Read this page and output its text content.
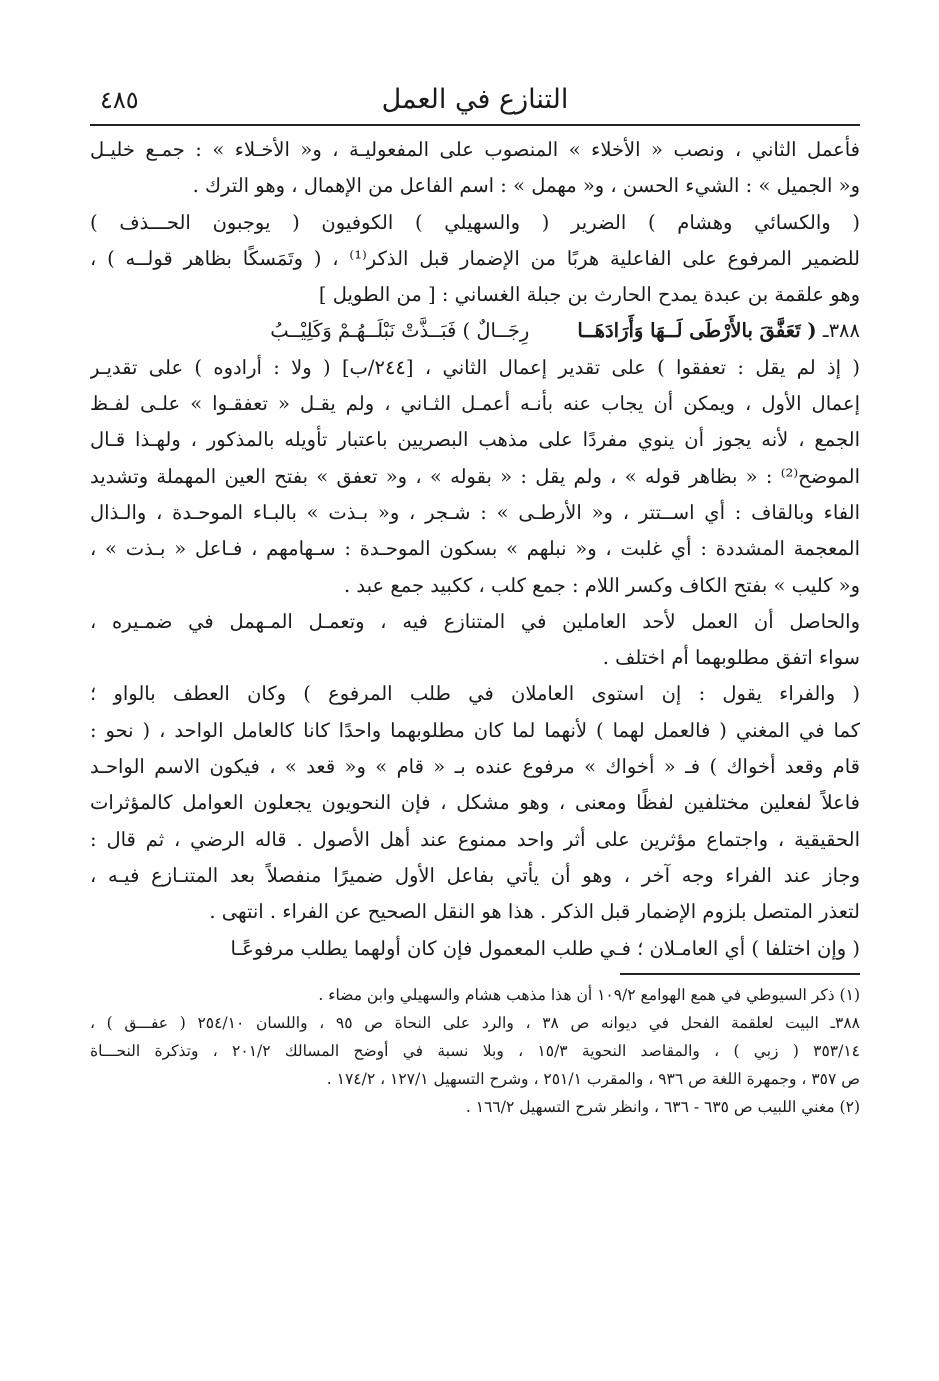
التنازع في العمل
٤٨٥
فأعمل الثاني ، ونصب « الأخلاء » المنصوب على المفعوليـة ، و« الأخـلاء » : جمـع خليـل
و« الجميل » : الشيء الحسن ، و« مهمل » : اسم الفاعل من الإهمال ، وهو الترك .
( والكسائي وهشام ) الضرير ( والسهيلي ) الكوفيون ( يوجبون الحـــذف )
للضمير المرفوع على الفاعلية هربًا من الإضمار قبل الذكر⁽¹⁾ ، ( وتَمَسكًا بظاهر قولــه ) ،
وهو علقمة بن عبدة يمدح الحارث بن جبلة الغساني : [ من الطويل ]
٣٨٨ـ ( تَعَفَّقَ بالأَرْطَى لَــهَا وَأَرَادَهَــارِجَــالٌ ) فَبَــذَّتْ نَبْلَــهُـمْ وَكَلِيْــبُ
( إذ لم يقل : تعفقوا ) على تقدير إعمال الثاني ، [٢٤٤/ب] ( ولا : أرادوه ) على تقديـر
إعمال الأول ، ويمكن أن يجاب عنه بأنـه أعمـل الثـاني ، ولم يقـل « تعفقـوا » علـى لفـظ
الجمع ، لأنه يجوز أن ينوي مفردًا على مذهب البصريين باعتبار تأويله بالمذكور ، ولهـذا قـال
الموضح⁽²⁾ : « بظاهر قوله » ، ولم يقل : « بقوله » ، و« تعفق » بفتح العين المهملة وتشديد
الفاء وبالقاف : أي اســتتر ، و« الأرطـى » : شـجر ، و« بـذت » بالبـاء الموحـدة ، والـذال
المعجمة المشددة : أي غلبت ، و« نبلهم » بسكون الموحـدة : سـهامهم ، فـاعل « بـذت » ،
و« كليب » بفتح الكاف وكسر اللام : جمع كلب ، ككبيد جمع عبد .
والحاصل أن العمل لأحد العاملين في المتنازع فيه ، وتعمـل المـهمل في ضمـيره ،
سواء اتفق مطلوبهما أم اختلف .
( والفراء يقول : إن استوى العاملان في طلب المرفوع ) وكان العطف بالواو ؛
كما في المغني ( فالعمل لهما ) لأنهما لما كان مطلوبهما واحدًا كانا كالعامل الواحد ، ( نحو :
قام وقعد أخواك ) فـ « أخواك » مرفوع عنده بـ « قام » و« قعد » ، فيكون الاسم الواحـد
فاعلاً لفعلين مختلفين لفظًا ومعنى ، وهو مشكل ، فإن النحويون يجعلون العوامل كالمؤثرات
الحقيقية ، واجتماع مؤثرين على أثر واحد ممنوع عند أهل الأصول . قاله الرضي ، ثم قال :
وجاز عند الفراء وجه آخر ، وهو أن يأتي بفاعل الأول ضميرًا منفصلاً بعد المتنـازع فيـه ،
لتعذر المتصل بلزوم الإضمار قبل الذكر . هذا هو النقل الصحيح عن الفراء . انتهى .
( وإن اختلفا ) أي العامـلان ؛ فـي طلب المعمول فإن كان أولهما يطلب مرفوعًـا
(١) ذكر السيوطي في همع الهوامع ١٠٩/٢ أن هذا مذهب هشام والسهيلي وابن مضاء .
٣٨٨ـ البيت لعلقمة الفحل في ديوانه ص ٣٨ ، والرد على النحاة ص ٩٥ ، واللسان ٢٥٤/١٠ ( عفـــق ) ،
٣٥٣/١٤ ( زبي ) ، والمقاصد النحوية ١٥/٣ ، وبلا نسبة في أوضح المسالك ٢٠١/٢ ، وتذكرة النحـــاة
ص ٣٥٧ ، وجمهرة اللغة ص ٩٣٦ ، والمقرب ٢٥١/١ ، وشرح التسهيل ١٢٧/١ ، ١٧٤/٢ .
(٢) مغني اللبيب ص ٦٣٥ - ٦٣٦ ، وانظر شرح التسهيل ١٦٦/٢ .
